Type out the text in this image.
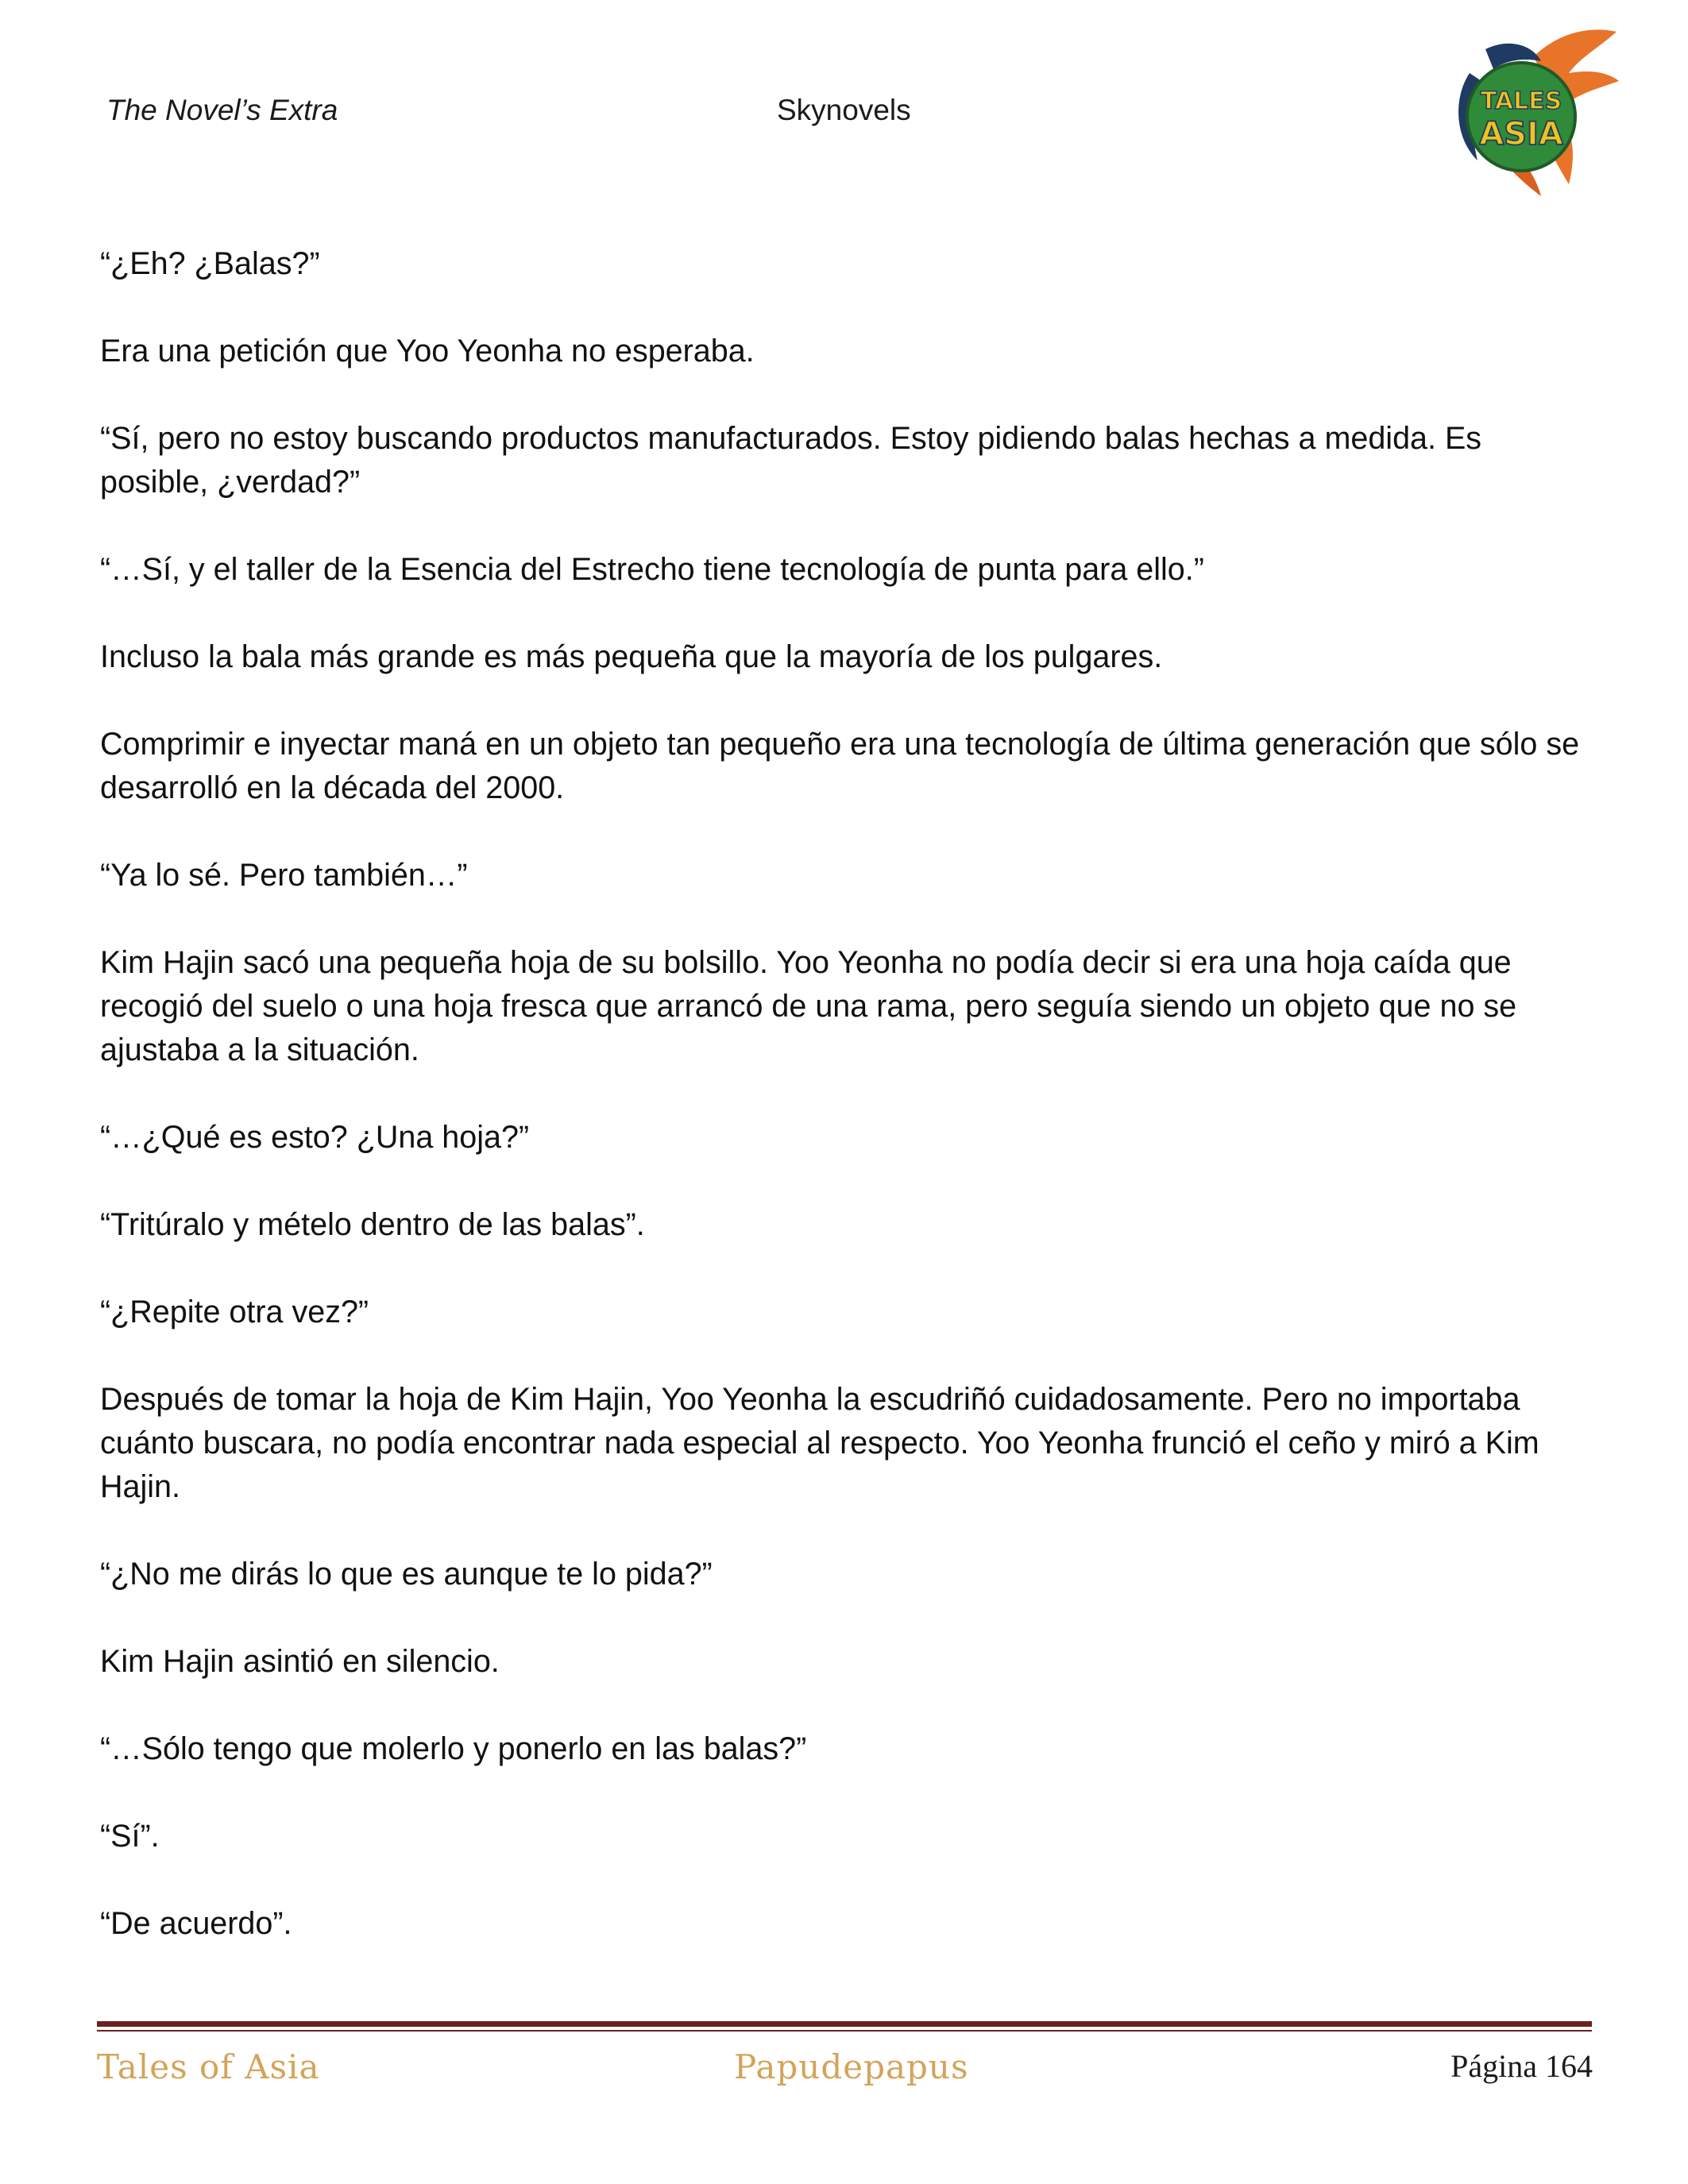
The Novel’s Extra	Skynovels	TALES
ASIA

“¿Eh? ¿Balas?”

Era una petición que Yoo Yeonha no esperaba.

“Sí, pero no estoy buscando productos manufacturados. Estoy pidiendo balas hechas a medida. Es posible, ¿verdad?”

“…Sí, y el taller de la Esencia del Estrecho tiene tecnología de punta para ello.”

Incluso la bala más grande es más pequeña que la mayoría de los pulgares.

Comprimir e inyectar maná en un objeto tan pequeño era una tecnología de última generación que sólo se desarrolló en la década del 2000.

“Ya lo sé. Pero también…”

Kim Hajin sacó una pequeña hoja de su bolsillo. Yoo Yeonha no podía decir si era una hoja caída que recogió del suelo o una hoja fresca que arrancó de una rama, pero seguía siendo un objeto que no se ajustaba a la situación.

“…¿Qué es esto? ¿Una hoja?”

“Tritúralo y mételo dentro de las balas”.

“¿Repite otra vez?”

Después de tomar la hoja de Kim Hajin, Yoo Yeonha la escudriñó cuidadosamente. Pero no importaba cuánto buscara, no podía encontrar nada especial al respecto. Yoo Yeonha frunció el ceño y miró a Kim Hajin.

“¿No me dirás lo que es aunque te lo pida?”

Kim Hajin asintió en silencio.

“…Sólo tengo que molerlo y ponerlo en las balas?”

“Sí”.

“De acuerdo”.

Tales of Asia	Papudepapus	Página 164
